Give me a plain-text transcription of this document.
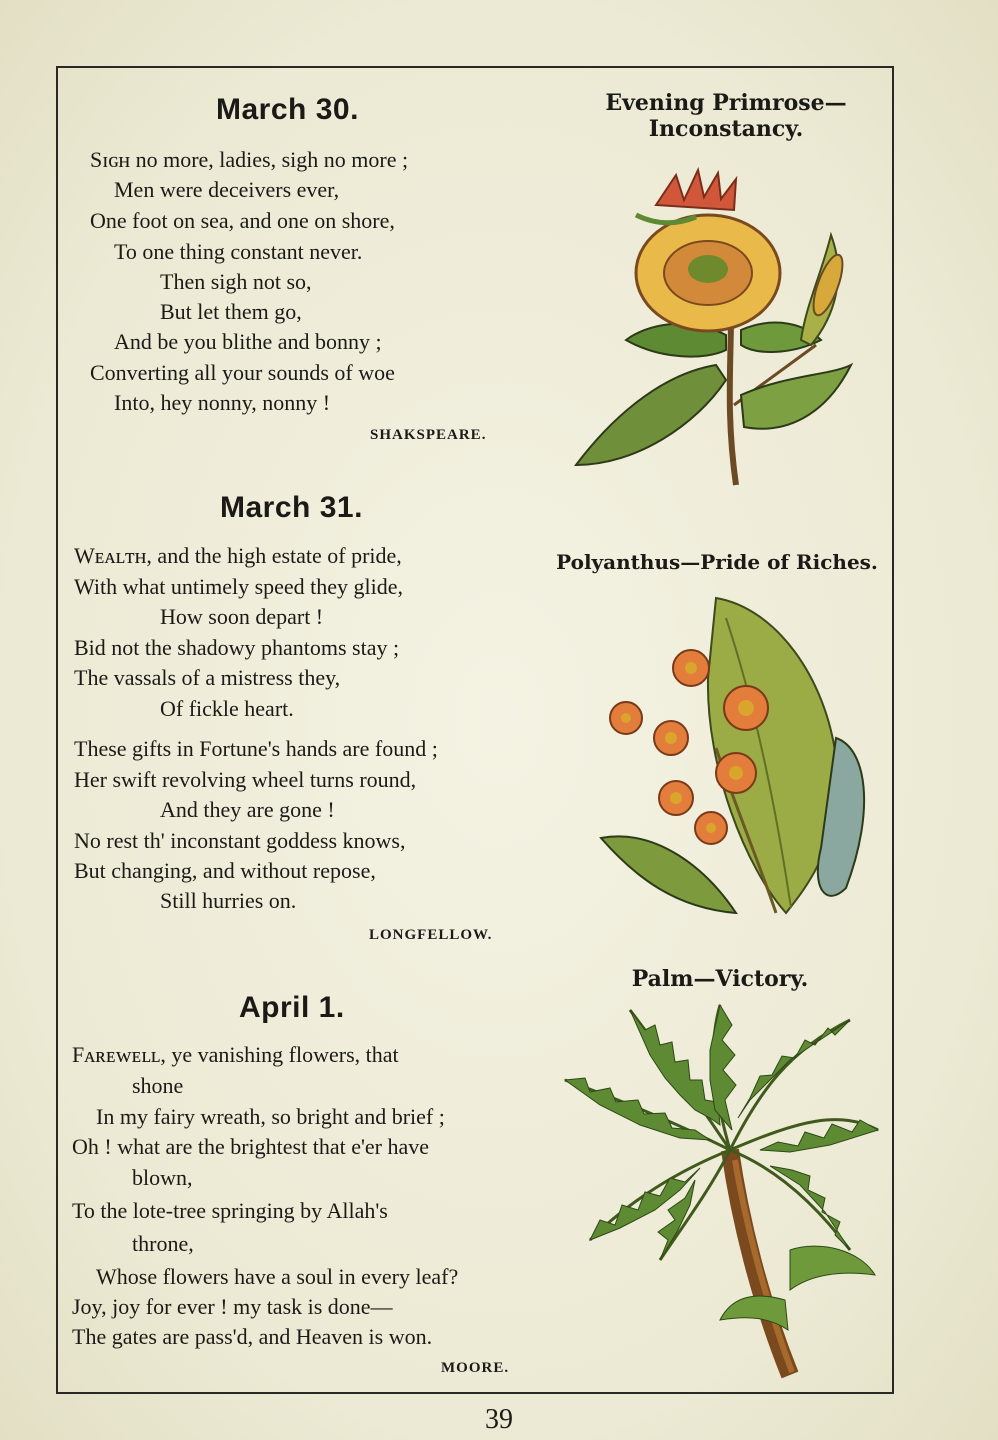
March 30.
Sɪɢʜ no more, ladies, sigh no more ;
Men were deceivers ever,
One foot on sea, and one on shore,
To one thing constant never.
Then sigh not so,
But let them go,
And be you blithe and bonny ;
Converting all your sounds of woe
Into, hey nonny, nonny !
SHAKSPEARE.
Evening Primrose—
Inconstancy.
March 31.
Wᴇᴀʟᴛʜ, and the high estate of pride,
With what untimely speed they glide,
How soon depart !
Bid not the shadowy phantoms stay ;
The vassals of a mistress they,
Of fickle heart.
These gifts in Fortune's hands are found ;
Her swift revolving wheel turns round,
And they are gone !
No rest th' inconstant goddess knows,
But changing, and without repose,
Still hurries on.
LONGFELLOW.
Polyanthus—Pride of Riches.
April 1.
Fᴀʀᴇᴡᴇʟʟ, ye vanishing flowers, that
shone
In my fairy wreath, so bright and brief ;
Oh ! what are the brightest that e'er have
blown,
To the lote-tree springing by Allah's
throne,
Whose flowers have a soul in every leaf?
Joy, joy for ever ! my task is done—
The gates are pass'd, and Heaven is won.
MOORE.
Palm—Victory.
39
